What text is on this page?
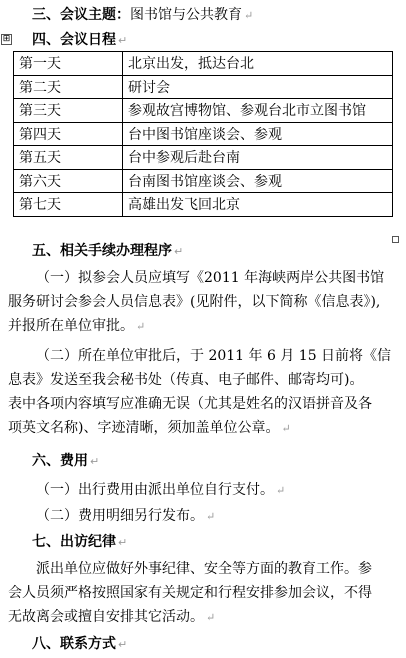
三、会议主题：图书馆与公共教育 ↵
⊞ 四、会议日程 ↵
第一天	北京出发，抵达台北
第二天	研讨会
第三天	参观故宫博物馆、参观台北市立图书馆
第四天	台中图书馆座谈会、参观
第五天	台中参观后赴台南
第六天	台南图书馆座谈会、参观
第七天	高雄出发飞回北京
五、相关手续办理程序 ↵
（一）拟参会人员应填写《2011 年海峡两岸公共图书馆
服务研讨会参会人员信息表》(见附件，以下简称《信息表》),
并报所在单位审批。 ↵
（二）所在单位审批后，于 2011 年 6 月 15 日前将《信
息表》发送至我会秘书处（传真、电子邮件、邮寄均可)。
表中各项内容填写应准确无误（尤其是姓名的汉语拼音及各
项英文名称)、字迹清晰，须加盖单位公章。 ↵
六、费用 ↵
（一）出行费用由派出单位自行支付。 ↵
（二）费用明细另行发布。 ↵
七、出访纪律 ↵
派出单位应做好外事纪律、安全等方面的教育工作。参
会人员须严格按照国家有关规定和行程安排参加会议，不得
无故离会或擅自安排其它活动。 ↵
八、联系方式 ↵
